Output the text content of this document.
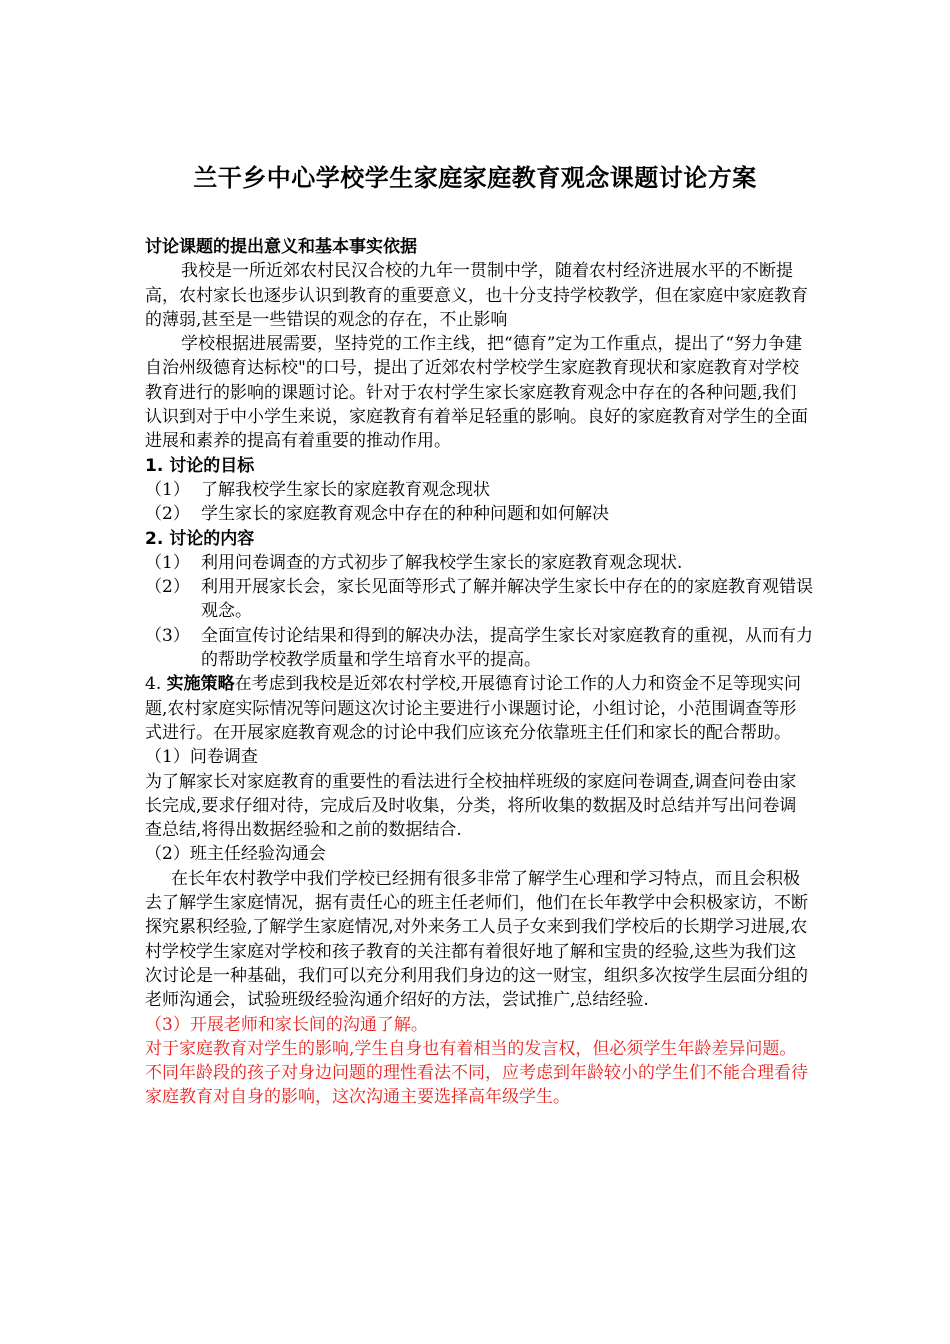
兰干乡中心学校学生家庭家庭教育观念课题讨论方案

讨论课题的提出意义和基本事实依据

我校是一所近郊农村民汉合校的九年一贯制中学，随着农村经济进展水平的不断提高，农村家长也逐步认识到教育的重要意义，也十分支持学校教学，但在家庭中家庭教育的薄弱,甚至是一些错误的观念的存在，不止影响

学校根据进展需要，坚持党的工作主线，把“德育”定为工作重点，提出了“努力争建自治州级德育达标校"的口号，提出了近郊农村学校学生家庭教育现状和家庭教育对学校教育进行的影响的课题讨论。针对于农村学生家长家庭教育观念中存在的各种问题,我们认识到对于中小学生来说，家庭教育有着举足轻重的影响。良好的家庭教育对学生的全面进展和素养的提高有着重要的推动作用。

1. 讨论的目标

（1） 了解我校学生家长的家庭教育观念现状
（2） 学生家长的家庭教育观念中存在的种种问题和如何解决

2. 讨论的内容

（1） 利用问卷调查的方式初步了解我校学生家长的家庭教育观念现状.
（2） 利用开展家长会，家长见面等形式了解并解决学生家长中存在的的家庭教育观错误观念。
（3） 全面宣传讨论结果和得到的解决办法，提高学生家长对家庭教育的重视，从而有力的帮助学校教学质量和学生培育水平的提高。

4. 实施策略在考虑到我校是近郊农村学校,开展德育讨论工作的人力和资金不足等现实问题,农村家庭实际情况等问题这次讨论主要进行小课题讨论，小组讨论，小范围调查等形式进行。在开展家庭教育观念的讨论中我们应该充分依靠班主任们和家长的配合帮助。

（1）问卷调查

为了解家长对家庭教育的重要性的看法进行全校抽样班级的家庭问卷调查,调查问卷由家长完成,要求仔细对待，完成后及时收集，分类，将所收集的数据及时总结并写出问卷调查总结,将得出数据经验和之前的数据结合.

（2）班主任经验沟通会

在长年农村教学中我们学校已经拥有很多非常了解学生心理和学习特点，而且会积极去了解学生家庭情况，据有责任心的班主任老师们，他们在长年教学中会积极家访，不断探究累积经验,了解学生家庭情况,对外来务工人员子女来到我们学校后的长期学习进展,农村学校学生家庭对学校和孩子教育的关注都有着很好地了解和宝贵的经验,这些为我们这次讨论是一种基础，我们可以充分利用我们身边的这一财宝，组织多次按学生层面分组的老师沟通会，试验班级经验沟通介绍好的方法，尝试推广,总结经验.

（3）开展老师和家长间的沟通了解。

对于家庭教育对学生的影响,学生自身也有着相当的发言权，但必须学生年龄差异问题。不同年龄段的孩子对身边问题的理性看法不同，应考虑到年龄较小的学生们不能合理看待家庭教育对自身的影响，这次沟通主要选择高年级学生。
